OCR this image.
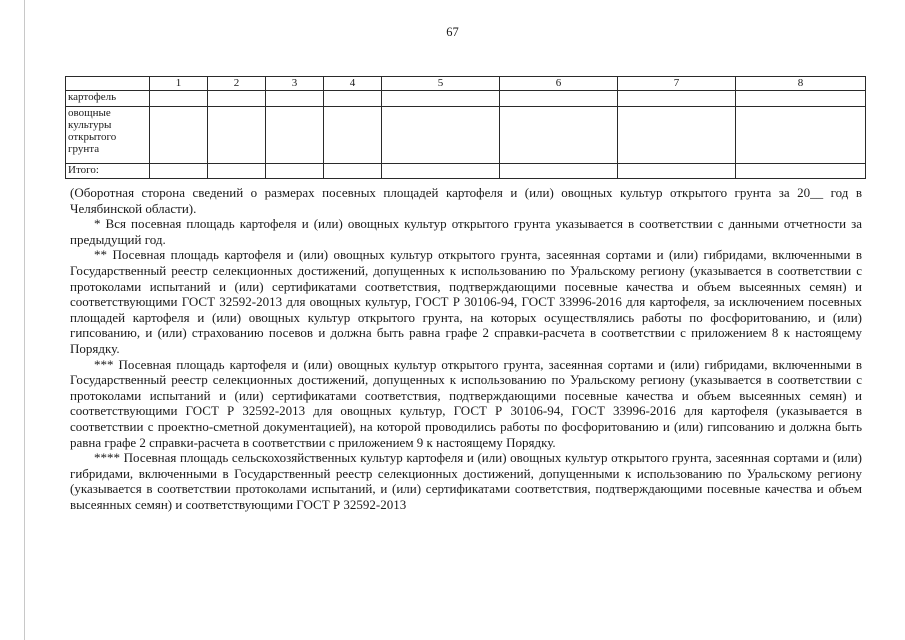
67
	1	2	3	4	5	6	7	8
картофель								
овощные культуры открытого грунта								
Итого:								

(Оборотная сторона сведений о размерах посевных площадей картофеля и (или) овощных культур открытого грунта за 20__ год в Челябинской области).

* Вся посевная площадь картофеля и (или) овощных культур открытого грунта указывается в соответствии с данными отчетности за предыдущий год.

** Посевная площадь картофеля и (или) овощных культур открытого грунта, засеянная сортами и (или) гибридами, включенными в Государственный реестр селекционных достижений, допущенных к использованию по Уральскому региону (указывается в соответствии с протоколами испытаний и (или) сертификатами соответствия, подтверждающими посевные качества и объем высеянных семян) и соответствующими ГОСТ 32592-2013 для овощных культур, ГОСТ Р 30106-94, ГОСТ 33996-2016 для картофеля, за исключением посевных площадей картофеля и (или) овощных культур открытого грунта, на которых осуществлялись работы по фосфоритованию, и (или) гипсованию, и (или) страхованию посевов и должна быть равна графе 2 справки-расчета в соответствии с приложением 8 к настоящему Порядку.

*** Посевная площадь картофеля и (или) овощных культур открытого грунта, засеянная сортами и (или) гибридами, включенными в Государственный реестр селекционных достижений, допущенных к использованию по Уральскому региону (указывается в соответствии с протоколами испытаний и (или) сертификатами соответствия, подтверждающими посевные качества и объем высеянных семян) и соответствующими ГОСТ Р 32592-2013 для овощных культур, ГОСТ Р 30106-94, ГОСТ 33996-2016 для картофеля (указывается в соответствии с проектно-сметной документацией), на которой проводились работы по фосфоритованию и (или) гипсованию и должна быть равна графе 2 справки-расчета в соответствии с приложением 9 к настоящему Порядку.

**** Посевная площадь сельскохозяйственных культур картофеля и (или) овощных культур открытого грунта, засеянная сортами и (или) гибридами, включенными в Государственный реестр селекционных достижений, допущенными к использованию по Уральскому региону (указывается в соответствии протоколами испытаний, и (или) сертификатами соответствия, подтверждающими посевные качества и объем высеянных семян) и соответствующими ГОСТ Р 32592-2013
